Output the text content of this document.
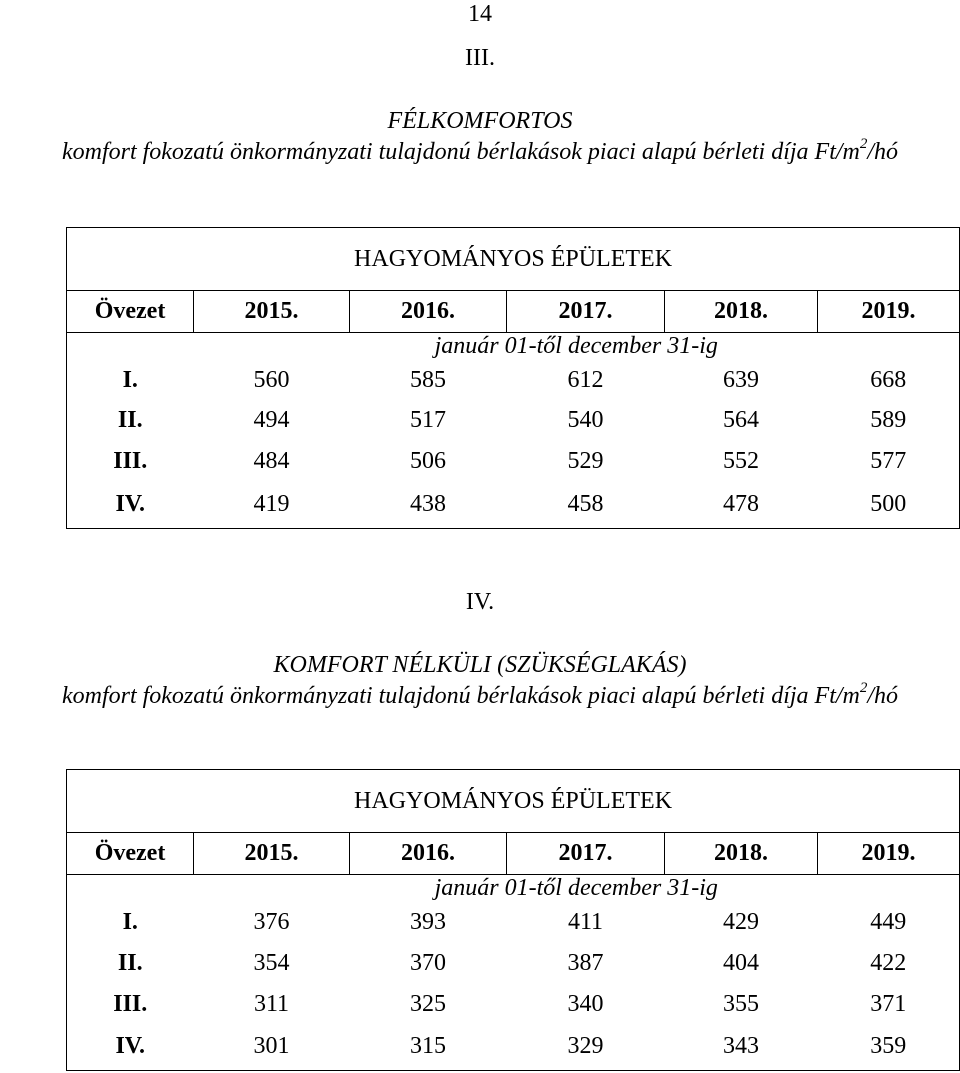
14
III.
FÉLKOMFORTOS
komfort fokozatú önkormányzati tulajdonú bérlakások piaci alapú bérleti díja $Ft/m^2/hó$
HAGYOMÁNYOS ÉPÜLETEK					
Övezet	2015.	2016.	2017.	2018.	2019.
	január 01-től december 31-ig				
I.	560	585	612	639	668
II.	494	517	540	564	589
III.	484	506	529	552	577
IV.	419	438	458	478	500
IV.
KOMFORT NÉLKÜLI (SZÜKSÉGLAKÁS)
komfort fokozatú önkormányzati tulajdonú bérlakások piaci alapú bérleti díja $Ft/m^2/hó$
HAGYOMÁNYOS ÉPÜLETEK					
Övezet	2015.	2016.	2017.	2018.	2019.
	január 01-től december 31-ig				
I.	376	393	411	429	449
II.	354	370	387	404	422
III.	311	325	340	355	371
IV.	301	315	329	343	359
